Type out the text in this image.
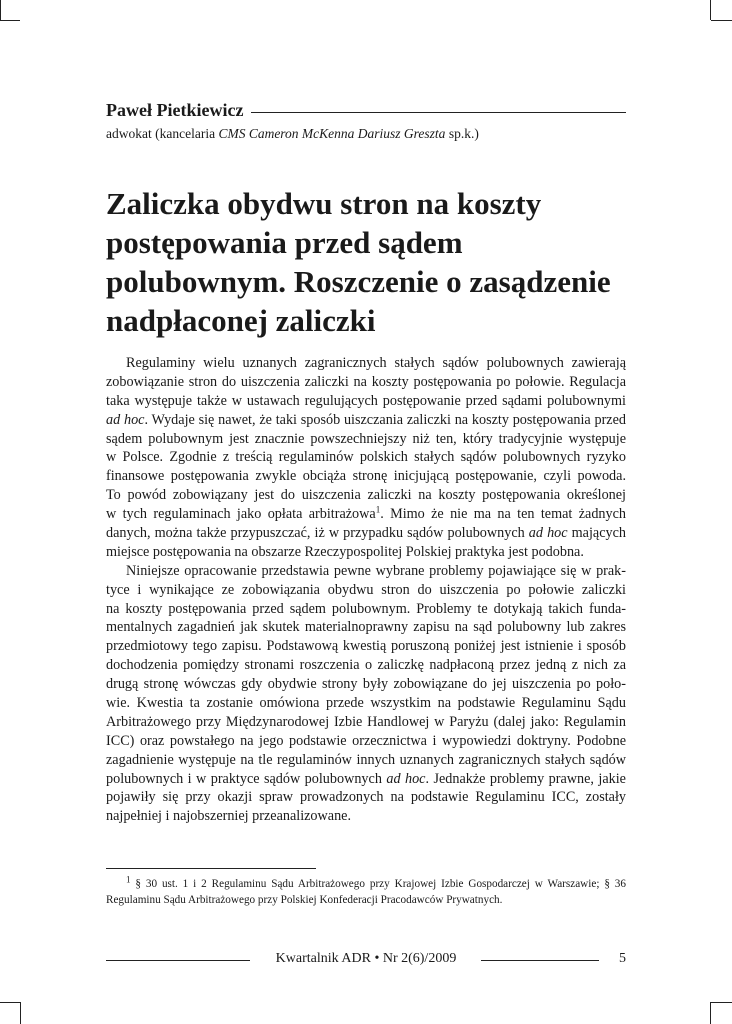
Paweł Pietkiewicz
adwokat (kancelaria CMS Cameron McKenna Dariusz Greszta sp.k.)
Zaliczka obydwu stron na koszty postępowania przed sądem polubownym. Roszczenie o zasądzenie nadpłaconej zaliczki
Regulaminy wielu uznanych zagranicznych stałych sądów polubownych zawierają
zobowiązanie stron do uiszczenia zaliczki na koszty postępowania po połowie. Regulacja
taka występuje także w ustawach regulujących postępowanie przed sądami polubownymi
ad hoc. Wydaje się nawet, że taki sposób uiszczania zaliczki na koszty postępowania przed
sądem polubownym jest znacznie powszechniejszy niż ten, który tradycyjnie występuje
w Polsce. Zgodnie z treścią regulaminów polskich stałych sądów polubownych ryzyko
finansowe postępowania zwykle obciąża stronę inicjującą postępowanie, czyli powoda.
To powód zobowiązany jest do uiszczenia zaliczki na koszty postępowania określonej
w tych regulaminach jako opłata arbitrażowa$^1$. Mimo że nie ma na ten temat żadnych
danych, można także przypuszczać, iż w przypadku sądów polubownych ad hoc mających
miejsce postępowania na obszarze Rzeczypospolitej Polskiej praktyka jest podobna.
Niniejsze opracowanie przedstawia pewne wybrane problemy pojawiające się w prak-
tyce i wynikające ze zobowiązania obydwu stron do uiszczenia po połowie zaliczki
na koszty postępowania przed sądem polubownym. Problemy te dotykają takich funda-
mentalnych zagadnień jak skutek materialnoprawny zapisu na sąd polubowny lub zakres
przedmiotowy tego zapisu. Podstawową kwestią poruszoną poniżej jest istnienie i sposób
dochodzenia pomiędzy stronami roszczenia o zaliczkę nadpłaconą przez jedną z nich za
drugą stronę wówczas gdy obydwie strony były zobowiązane do jej uiszczenia po poło-
wie. Kwestia ta zostanie omówiona przede wszystkim na podstawie Regulaminu Sądu
Arbitrażowego przy Międzynarodowej Izbie Handlowej w Paryżu (dalej jako: Regulamin
ICC) oraz powstałego na jego podstawie orzecznictwa i wypowiedzi doktryny. Podobne
zagadnienie występuje na tle regulaminów innych uznanych zagranicznych stałych sądów
polubownych i w praktyce sądów polubownych ad hoc. Jednakże problemy prawne, jakie
pojawiły się przy okazji spraw prowadzonych na podstawie Regulaminu ICC, zostały
najpełniej i najobszerniej przeanalizowane.
$^1$ § 30 ust. 1 i 2 Regulaminu Sądu Arbitrażowego przy Krajowej Izbie Gospodarczej w Warszawie; § 36
Regulaminu Sądu Arbitrażowego przy Polskiej Konfederacji Pracodawców Prywatnych.
Kwartalnik ADR • Nr 2(6)/2009	5
